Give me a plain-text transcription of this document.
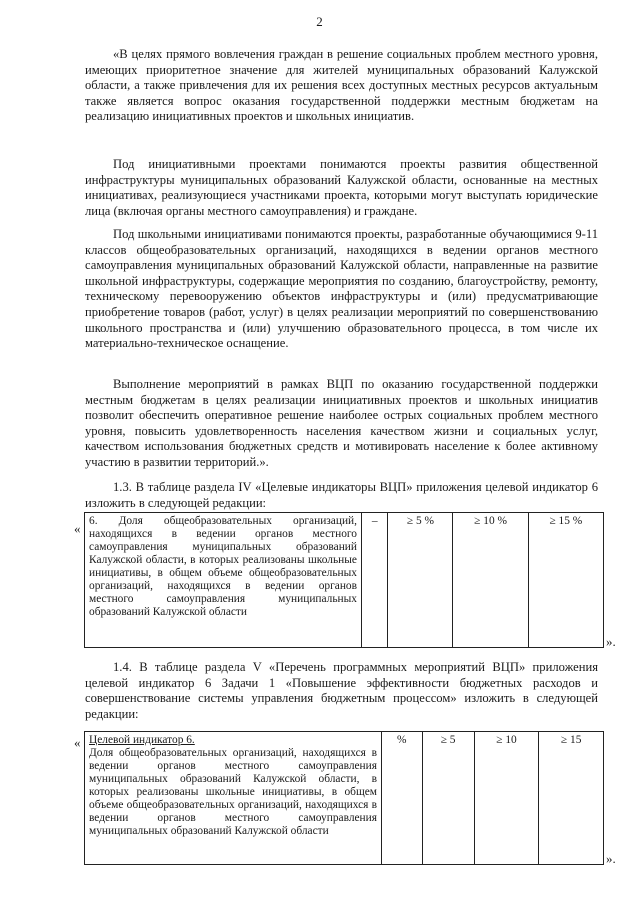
2

«В целях прямого вовлечения граждан в решение социальных проблем местного уровня, имеющих приоритетное значение для жителей муниципальных образований Калужской области, а также привлечения для их решения всех доступных местных ресурсов актуальным также является вопрос оказания государственной поддержки местным бюджетам на реализацию инициативных проектов и школьных инициатив.

Под инициативными проектами понимаются проекты развития общественной инфраструктуры муниципальных образований Калужской области, основанные на местных инициативах, реализующиеся участниками проекта, которыми могут выступать юридические лица (включая органы местного самоуправления) и граждане.

Под школьными инициативами понимаются проекты, разработанные обучающимися 9-11 классов общеобразовательных организаций, находящихся в ведении органов местного самоуправления муниципальных образований Калужской области, направленные на развитие школьной инфраструктуры, содержащие мероприятия по созданию, благоустройству, ремонту, техническому перевооружению объектов инфраструктуры и (или) предусматривающие приобретение товаров (работ, услуг) в целях реализации мероприятий по совершенствованию школьного пространства и (или) улучшению образовательного процесса, в том числе их материально-техническое оснащение.

Выполнение мероприятий в рамках ВЦП по оказанию государственной поддержки местным бюджетам в целях реализации инициативных проектов и школьных инициатив позволит обеспечить оперативное решение наиболее острых социальных проблем местного уровня, повысить удовлетворенность населения качеством жизни и социальных услуг, качеством использования бюджетных средств и мотивировать население к более активному участию в развитии территорий.».

1.3. В таблице раздела IV «Целевые индикаторы ВЦП» приложения целевой индикатор 6 изложить в следующей редакции:

« 6. Доля общеобразовательных организаций, находящихся в ведении органов местного самоуправления муниципальных образований Калужской области, в которых реализованы школьные инициативы, в общем объеме общеобразовательных организаций, находящихся в ведении органов местного самоуправления муниципальных образований Калужской области	–	≥ 5 %	≥ 10 %	≥ 15 %
».

1.4. В таблице раздела V «Перечень программных мероприятий ВЦП» приложения целевой индикатор 6 Задачи 1 «Повышение эффективности бюджетных расходов и совершенствование системы управления бюджетным процессом» изложить в следующей редакции:

« Целевой индикатор 6.
Доля общеобразовательных организаций, находящихся в ведении органов местного самоуправления муниципальных образований Калужской области, в которых реализованы школьные инициативы, в общем объеме общеобразовательных организаций, находящихся в ведении органов местного самоуправления муниципальных образований Калужской области
	%	≥ 5	≥ 10	≥ 15
».
